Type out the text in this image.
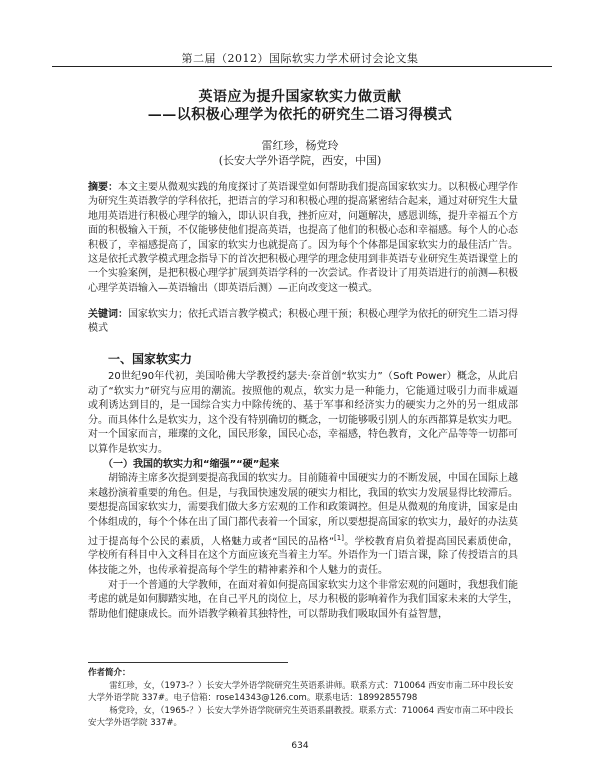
第二届（2012）国际软实力学术研讨会论文集
英语应为提升国家软实力做贡献
——以积极心理学为依托的研究生二语习得模式
雷红珍，杨党玲
(长安大学外语学院，西安，中国)
摘要：本文主要从微观实践的角度探讨了英语课堂如何帮助我们提高国家软实力。以积极心理学作为研究生英语教学的学科依托，把语言的学习和积极心理的提高紧密结合起来，通过对研究生大量地用英语进行积极心理学的输入，即认识自我，挫折应对，问题解决，感恩训练，提升幸福五个方面的积极输入干预，不仅能够使他们提高英语，也提高了他们的积极心态和幸福感。每个人的心态积极了，幸福感提高了，国家的软实力也就提高了。因为每个个体都是国家软实力的最佳活广告。这是依托式教学模式理念指导下的首次把积极心理学的理念使用到非英语专业研究生英语课堂上的一个实验案例，是把积极心理学扩展到英语学科的一次尝试。作者设计了用英语进行的前测—积极心理学英语输入—英语输出（即英语后测）—正向改变这一模式。
关键词：国家软实力；依托式语言教学模式；积极心理干预；积极心理学为依托的研究生二语习得模式
一、国家软实力

20世纪90年代初，美国哈佛大学教授约瑟夫·奈首创“软实力”（Soft Power）概念，从此启动了“软实力”研究与应用的潮流。按照他的观点，软实力是一种能力，它能通过吸引力而非威逼或利诱达到目的，是一国综合实力中除传统的、基于军事和经济实力的硬实力之外的另一组成部分。而具体什么是软实力，这个没有特别确切的概念，一切能够吸引别人的东西都算是软实力吧。对一个国家而言，璀璨的文化，国民形象，国民心态，幸福感，特色教育，文化产品等等一切都可以算作是软实力。

（一）我国的软实力和“缩强”“硬”起来

胡锦涛主席多次提到要提高我国的软实力。目前随着中国硬实力的不断发展，中国在国际上越来越扮演着重要的角色。但是，与我国快速发展的硬实力相比，我国的软实力发展显得比较滞后。要想提高国家软实力，需要我们做大多方宏观的工作和政策调控。但是从微观的角度讲，国家是由个体组成的，每个个体在出了国门都代表着一个国家，所以要想提高国家的软实力，最好的办法莫过于提高每个公民的素质，人格魅力或者“国民的品格”[1]。学校教育肩负着提高国民素质使命，学校所有科目中入文科目在这个方面应该充当着主力军。外语作为一门语言课，除了传授语言的具体技能之外，也传承着提高每个学生的精神素养和个人魅力的责任。

对于一个普通的大学教师，在面对着如何提高国家软实力这个非常宏观的问题时，我想我们能考虑的就是如何脚踏实地，在自己平凡的岗位上，尽力积极的影响着作为我们国家未来的大学生，帮助他们健康成长。而外语教学赖着其独特性，可以帮助我们吸取国外有益智慧，

作者简介：

雷红珍，女，（1973-？）长安大学外语学院研究生英语系讲师。联系方式：710064 西安市南二环中段长安大学外语学院 337#。电子信箱：rose14343@126.com。联系电话：18992855798

杨党玲，女，（1965-？）长安大学外语学院研究生英语系副教授。联系方式：710064 西安市南二环中段长安大学外语学院 337#。

634
